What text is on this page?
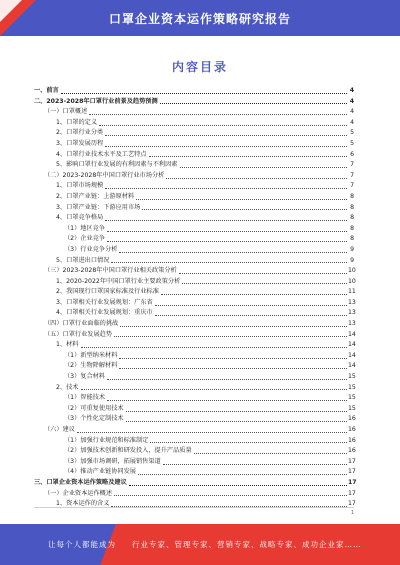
口罩企业资本运作策略研究报告
内容目录
一、前言	4
二、2023-2028年口罩行业前景及趋势预测	4
（一）口罩概述	4
1、口罩的定义	4
2、口罩行业分类	5
3、口罩发展历程	5
4、口罩行业技术水平及工艺特点	6
5、影响口罩行业发展的有利因素与不利因素	7
（二）2023-2028年中国口罩行业市场分析	7
1、口罩市场规模	7
2、口罩产业链：上游原材料	8
3、口罩产业链：下游应用市场	8
4、口罩竞争格局	8
（1）地区竞争	8
（2）企业竞争	8
（3）行业竞争分析	9
5、口罩进出口情况	9
（三）2023-2028年中国口罩行业相关政策分析	10
1、2020-2022年中国口罩行业主要政策分析	10
2、我国现行口罩国家标准及行业标准	11
3、口罩相关行业发展规划：广东省	13
4、口罩相关行业发展规划：重庆市	13
（四）口罩行业面临的挑战	13
（五）口罩行业发展趋势	14
1、材料	14
（1）新型纳米材料	14
（2）生物降解材料	14
（3）复合材料	15
2、技术	15
（1）智能技术	15
（2）可重复使用技术	15
（3）个性化定制技术	16
（六）建议	16
（1）加强行业规范和标准制定	16
（2）加强技术创新和研发投入，提升产品质量	16
（3）加强市场调研，拓展销售渠道	17
（4）推动产业链协同发展	17
三、口罩企业资本运作策略及建议	17
（一）企业资本运作概述	17
1、资本运作的含义	17
1
让每个人都能成为 行业专家、管理专家、营销专家、战略专家、成功企业家……
